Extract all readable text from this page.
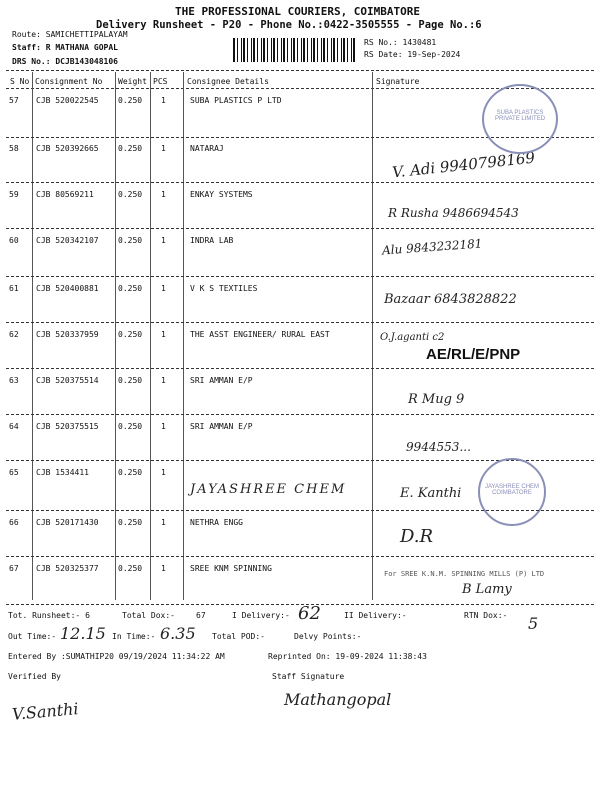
THE PROFESSIONAL COURIERS, COIMBATORE
Delivery Runsheet - P20 - Phone No.:0422-3505555 - Page No.:6
Route: SAMICHETTIPALAYAM
Staff: R MATHANA GOPAL
DRS No.: DCJB143048106
RS No.: 1430481
RS Date: 19-Sep-2024
S No Consignment No Weight PCS Consignee Details	Signature
57 CJB 520022545 0.250 1	SUBA PLASTICS P LTD
58 CJB 520392665 0.250 1	NATARAJ
V. Adi 9940798169
59 CJB 80569211	0.250 1	ENKAY SYSTEMS
R Rusha 9486694543
60 CJB 520342107 0.250 1	INDRA LAB	Alu 9843232181
61 CJB 520400881 0.250 1	V K S TEXTILES
Bazaar 6843828822
62 CJB 520337959 0.250 1	THE ASST ENGINEER/ RURAL EAST	O.J.aganti c2
AE/RL/E/PNP
63 CJB 520375514 0.250 1	SRI AMMAN E/P
R Mug 9
64 CJB 520375515 0.250 1	SRI AMMAN E/P
9944553...
65 CJB 1534411	0.250 1
JAYASHREE CHEM	E. Kanthi	JAYASHREE CHEM COIMBATORE
66 CJB 520171430 0.250 1	NETHRA ENGG
D.R
67 CJB 520325377 0.250 1	SREE KNM SPINNING
For SREE K.N.M. SPINNING MILLS (P) LTD
B Lamy
SUBA PLASTICS PRIVATE LIMITED
Tot. Runsheet:- 6	Total Dox:-	67	I Delivery:- 62	II Delivery:-	RTN Dox:- 5
Out Time:- 12.15 In Time:- 6.35 Total POD:-	Delvy Points:-
Entered By :SUMATHIP20 09/19/2024 11:34:22 AM	Reprinted On: 19-09-2024 11:38:43
Verified By	Staff Signature
V.Santhi	Mathangopal
